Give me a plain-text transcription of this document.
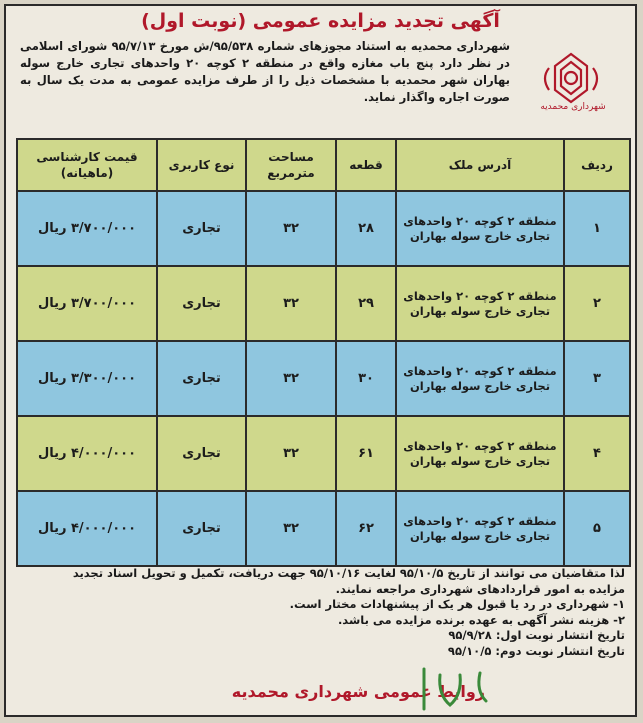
آگهی تجدید مزایده عمومی (نوبت اول)
شهرداری محمدیه
شهرداری محمدیه به استناد مجوزهای شماره ۹۵/۵۳۸/ش مورخ ۹۵/۷/۱۳ شورای اسلامی در نظر دارد پنج باب مغازه واقع در منطقه ۲ کوچه ۲۰ واحدهای تجاری خارج سوله بهاران شهر محمدیه با مشخصات ذیل را از طرف مزایده عمومی به مدت یک سال به صورت اجاره واگذار نماید.
ردیف	آدرس ملک	قطعه	مساحت مترمربع	نوع کاربری	قیمت کارشناسی (ماهیانه)
۱	منطقه ۲ کوچه ۲۰ واحدهای تجاری خارج سوله بهاران	۲۸	۳۲	تجاری	۳/۷۰۰/۰۰۰ ریال
۲	منطقه ۲ کوچه ۲۰ واحدهای تجاری خارج سوله بهاران	۲۹	۳۲	تجاری	۳/۷۰۰/۰۰۰ ریال
۳	منطقه ۲ کوچه ۲۰ واحدهای تجاری خارج سوله بهاران	۳۰	۳۲	تجاری	۳/۳۰۰/۰۰۰ ریال
۴	منطقه ۲ کوچه ۲۰ واحدهای تجاری خارج سوله بهاران	۶۱	۳۲	تجاری	۴/۰۰۰/۰۰۰ ریال
۵	منطقه ۲ کوچه ۲۰ واحدهای تجاری خارج سوله بهاران	۶۲	۳۲	تجاری	۴/۰۰۰/۰۰۰ ریال
لذا متقاضیان می توانند از تاریخ ۹۵/۱۰/۵ لغایت ۹۵/۱۰/۱۶ جهت دریافت، تکمیل و تحویل اسناد تجدید
مزایده به امور قراردادهای شهرداری مراجعه نمایند.
۱- شهرداری در رد یا قبول هر یک از پیشنهادات مختار است.
۲- هزینه نشر آگهی به عهده برنده مزایده می باشد.
تاریخ انتشار نوبت اول: ۹۵/۹/۲۸
تاریخ انتشار نوبت دوم: ۹۵/۱۰/۵
روابط عمومی شهرداری محمدیه
